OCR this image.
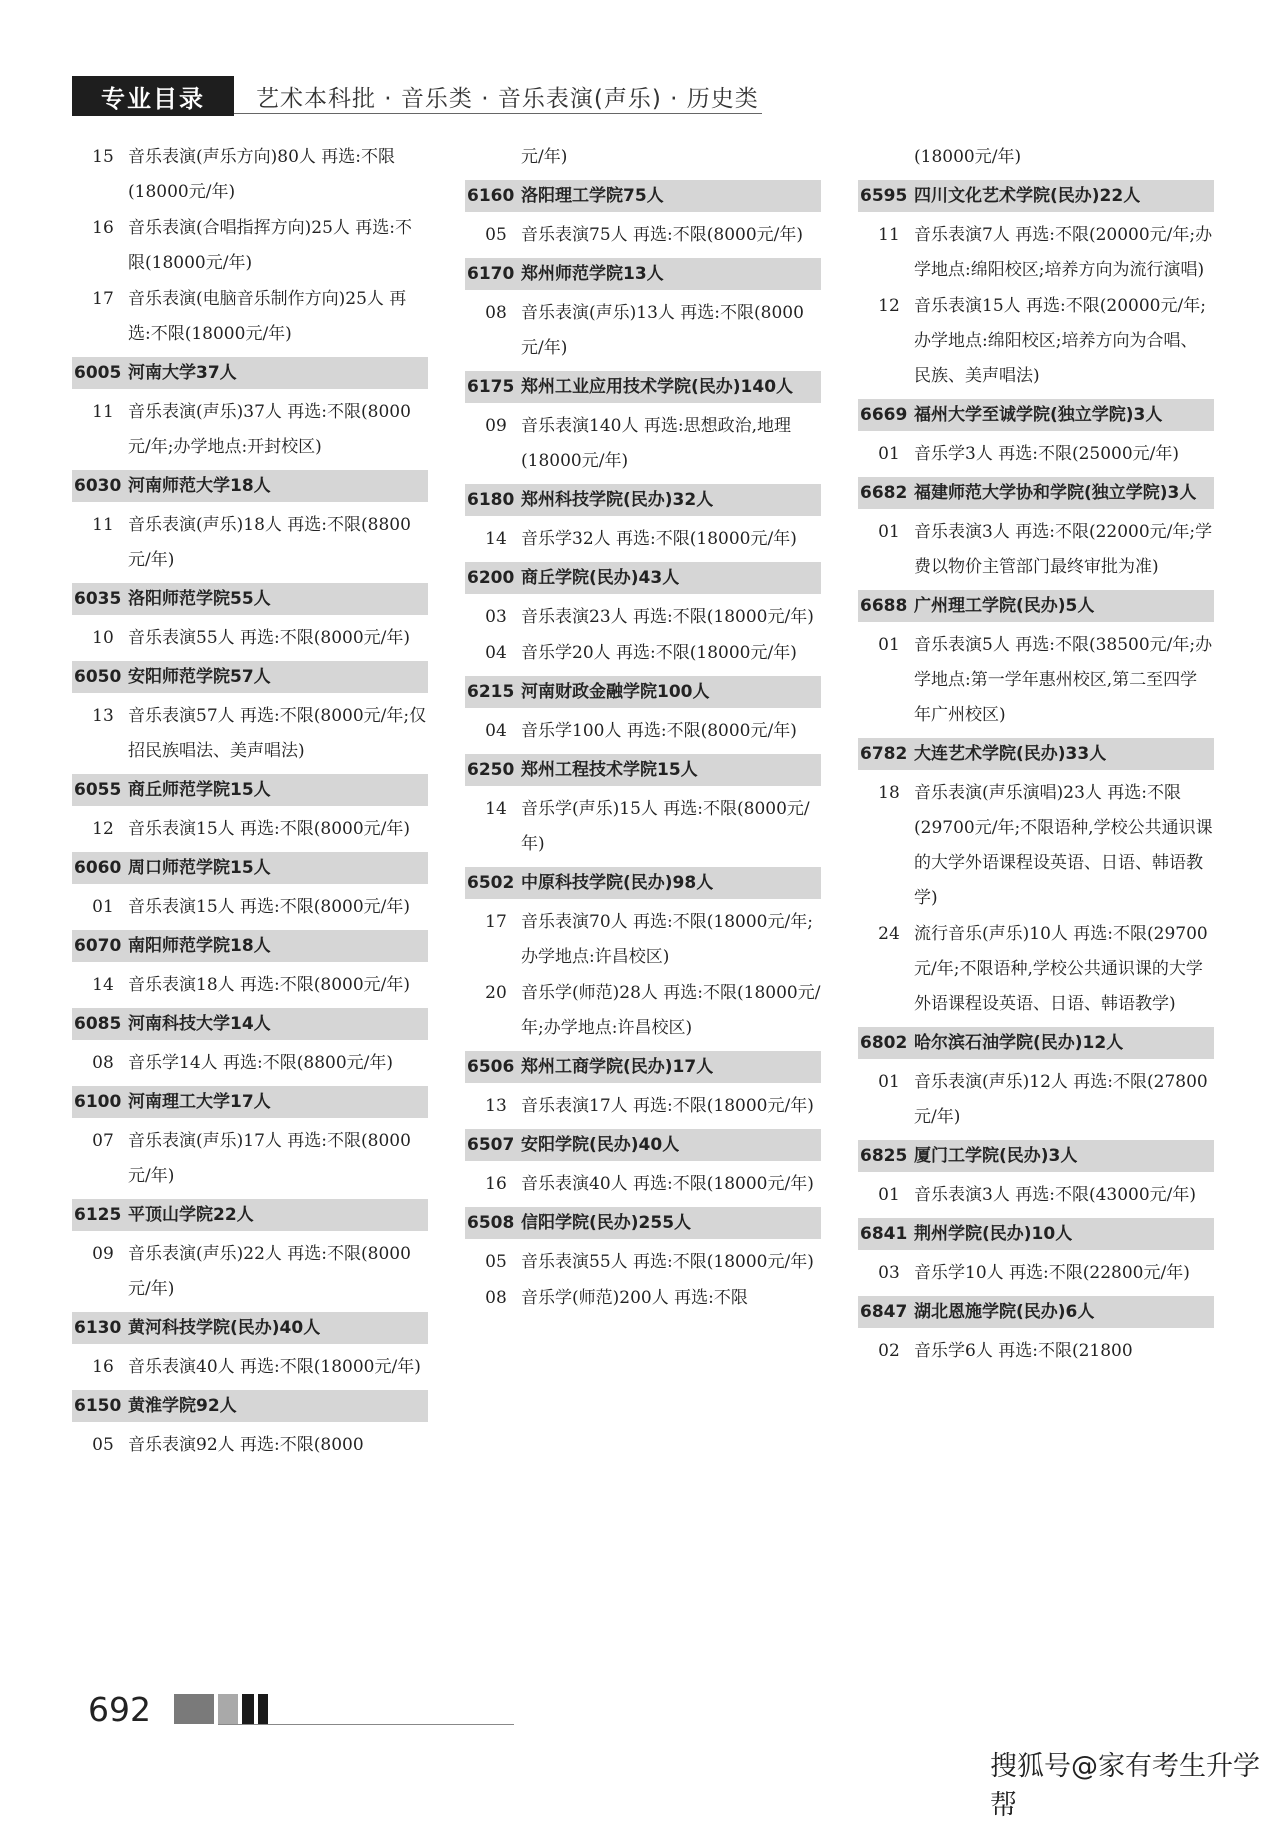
专业目录 艺术本科批 · 音乐类 · 音乐表演(声乐) · 历史类
15 音乐表演(声乐方向)80人 再选:不限(18000元/年)
16 音乐表演(合唱指挥方向)25人 再选:不限(18000元/年)
17 音乐表演(电脑音乐制作方向)25人 再选:不限(18000元/年)
6005 河南大学37人
11 音乐表演(声乐)37人 再选:不限(8000元/年;办学地点:开封校区)
6030 河南师范大学18人
11 音乐表演(声乐)18人 再选:不限(8800元/年)
6035 洛阳师范学院55人
10 音乐表演55人 再选:不限(8000元/年)
6050 安阳师范学院57人
13 音乐表演57人 再选:不限(8000元/年;仅招民族唱法、美声唱法)
6055 商丘师范学院15人
12 音乐表演15人 再选:不限(8000元/年)
6060 周口师范学院15人
01 音乐表演15人 再选:不限(8000元/年)
6070 南阳师范学院18人
14 音乐表演18人 再选:不限(8000元/年)
6085 河南科技大学14人
08 音乐学14人 再选:不限(8800元/年)
6100 河南理工大学17人
07 音乐表演(声乐)17人 再选:不限(8000元/年)
6125 平顶山学院22人
09 音乐表演(声乐)22人 再选:不限(8000元/年)
6130 黄河科技学院(民办)40人
16 音乐表演40人 再选:不限(18000元/年)
6150 黄淮学院92人
05 音乐表演92人 再选:不限(8000
元/年)
6160 洛阳理工学院75人
05 音乐表演75人 再选:不限(8000元/年)
6170 郑州师范学院13人
08 音乐表演(声乐)13人 再选:不限(8000元/年)
6175 郑州工业应用技术学院(民办)140人
09 音乐表演140人 再选:思想政治,地理(18000元/年)
6180 郑州科技学院(民办)32人
14 音乐学32人 再选:不限(18000元/年)
6200 商丘学院(民办)43人
03 音乐表演23人 再选:不限(18000元/年)
04 音乐学20人 再选:不限(18000元/年)
6215 河南财政金融学院100人
04 音乐学100人 再选:不限(8000元/年)
6250 郑州工程技术学院15人
14 音乐学(声乐)15人 再选:不限(8000元/年)
6502 中原科技学院(民办)98人
17 音乐表演70人 再选:不限(18000元/年;办学地点:许昌校区)
20 音乐学(师范)28人 再选:不限(18000元/年;办学地点:许昌校区)
6506 郑州工商学院(民办)17人
13 音乐表演17人 再选:不限(18000元/年)
6507 安阳学院(民办)40人
16 音乐表演40人 再选:不限(18000元/年)
6508 信阳学院(民办)255人
05 音乐表演55人 再选:不限(18000元/年)
08 音乐学(师范)200人 再选:不限
(18000元/年)
6595 四川文化艺术学院(民办)22人
11 音乐表演7人 再选:不限(20000元/年;办学地点:绵阳校区;培养方向为流行演唱)
12 音乐表演15人 再选:不限(20000元/年;办学地点:绵阳校区;培养方向为合唱、民族、美声唱法)
6669 福州大学至诚学院(独立学院)3人
01 音乐学3人 再选:不限(25000元/年)
6682 福建师范大学协和学院(独立学院)3人
01 音乐表演3人 再选:不限(22000元/年;学费以物价主管部门最终审批为准)
6688 广州理工学院(民办)5人
01 音乐表演5人 再选:不限(38500元/年;办学地点:第一学年惠州校区,第二至四学年广州校区)
6782 大连艺术学院(民办)33人
18 音乐表演(声乐演唱)23人 再选:不限(29700元/年;不限语种,学校公共通识课的大学外语课程设英语、日语、韩语教学)
24 流行音乐(声乐)10人 再选:不限(29700元/年;不限语种,学校公共通识课的大学外语课程设英语、日语、韩语教学)
6802 哈尔滨石油学院(民办)12人
01 音乐表演(声乐)12人 再选:不限(27800元/年)
6825 厦门工学院(民办)3人
01 音乐表演3人 再选:不限(43000元/年)
6841 荆州学院(民办)10人
03 音乐学10人 再选:不限(22800元/年)
6847 湖北恩施学院(民办)6人
02 音乐学6人 再选:不限(21800
692
搜狐号@家有考生升学帮
